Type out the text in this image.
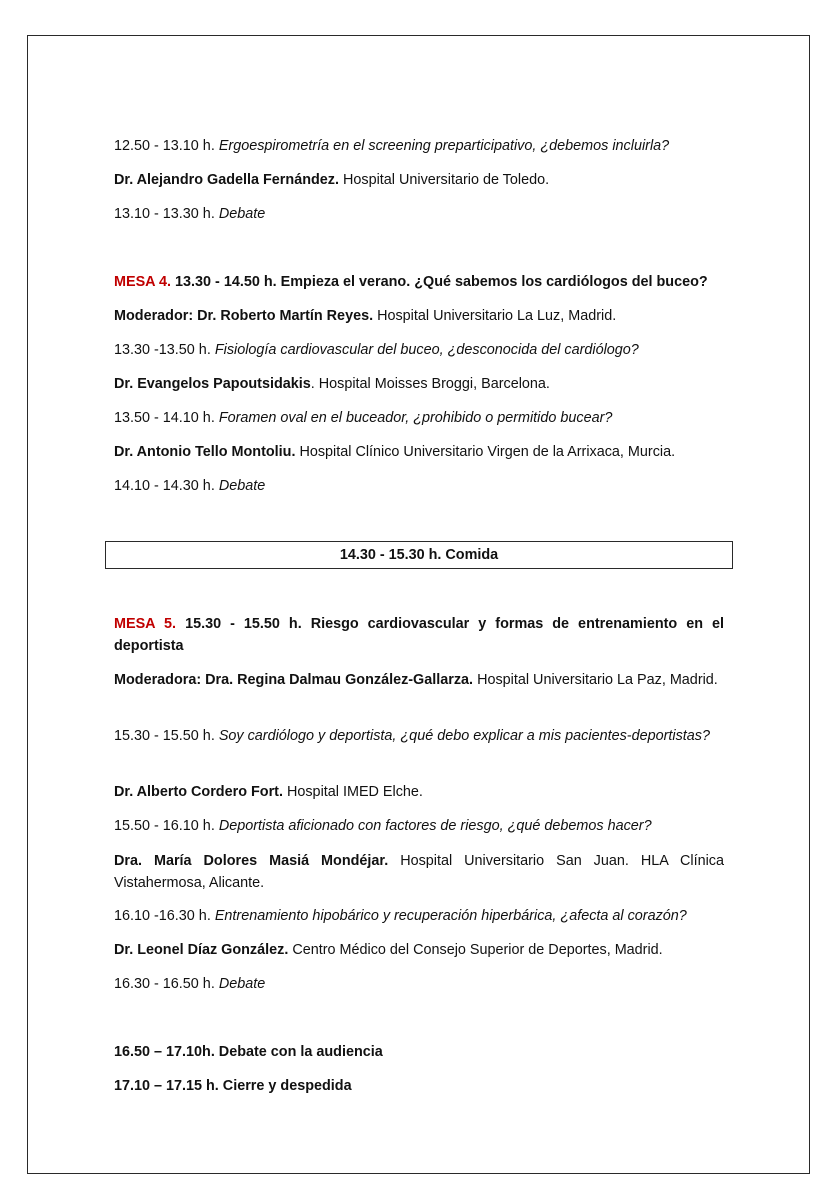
12.50 - 13.10 h. Ergoespirometría en el screening preparticipativo, ¿debemos incluirla?

Dr. Alejandro Gadella Fernández. Hospital Universitario de Toledo.

13.10 - 13.30 h. Debate

MESA 4. 13.30 - 14.50 h. Empieza el verano. ¿Qué sabemos los cardiólogos del buceo?

Moderador: Dr. Roberto Martín Reyes. Hospital Universitario La Luz, Madrid.

13.30 -13.50 h. Fisiología cardiovascular del buceo, ¿desconocida del cardiólogo?

Dr. Evangelos Papoutsidakis. Hospital Moisses Broggi, Barcelona.

13.50 - 14.10 h. Foramen oval en el buceador, ¿prohibido o permitido bucear?

Dr. Antonio Tello Montoliu. Hospital Clínico Universitario Virgen de la Arrixaca, Murcia.

14.10 - 14.30 h. Debate

14.30 - 15.30 h. Comida

MESA 5. 15.30 - 15.50 h. Riesgo cardiovascular y formas de entrenamiento en el deportista

Moderadora: Dra. Regina Dalmau González-Gallarza. Hospital Universitario La Paz, Madrid.

15.30 - 15.50 h. Soy cardiólogo y deportista, ¿qué debo explicar a mis pacientes-deportistas?

Dr. Alberto Cordero Fort. Hospital IMED Elche.

15.50 - 16.10 h. Deportista aficionado con factores de riesgo, ¿qué debemos hacer?

Dra. María Dolores Masiá Mondéjar. Hospital Universitario San Juan. HLA Clínica Vistahermosa, Alicante.

16.10 -16.30 h. Entrenamiento hipobárico y recuperación hiperbárica, ¿afecta al corazón?

Dr. Leonel Díaz González. Centro Médico del Consejo Superior de Deportes, Madrid.

16.30 - 16.50 h. Debate

16.50 – 17.10h. Debate con la audiencia

17.10 – 17.15 h. Cierre y despedida
